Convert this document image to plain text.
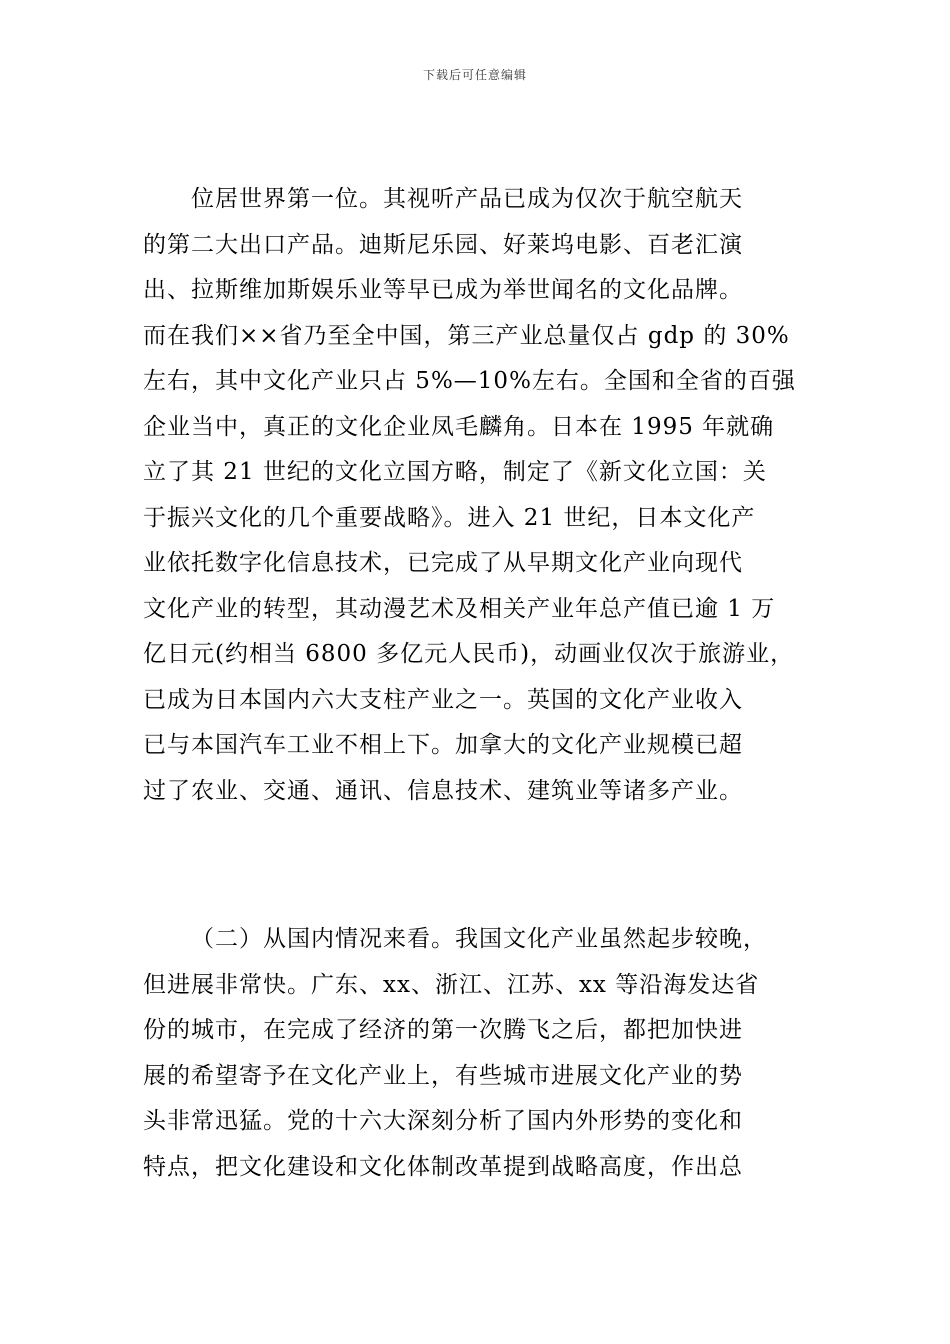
下载后可任意编辑
位居世界第一位。其视听产品已成为仅次于航空航天
的第二大出口产品。迪斯尼乐园、好莱坞电影、百老汇演
出、拉斯维加斯娱乐业等早已成为举世闻名的文化品牌。
而在我们××省乃至全中国，第三产业总量仅占 gdp 的 30%
左右，其中文化产业只占 5%—10%左右。全国和全省的百强
企业当中，真正的文化企业凤毛麟角。日本在 1995 年就确
立了其 21 世纪的文化立国方略，制定了《新文化立国：关
于振兴文化的几个重要战略》。进入 21 世纪，日本文化产
业依托数字化信息技术，已完成了从早期文化产业向现代
文化产业的转型，其动漫艺术及相关产业年总产值已逾 1 万
亿日元(约相当 6800 多亿元人民币)，动画业仅次于旅游业，
已成为日本国内六大支柱产业之一。英国的文化产业收入
已与本国汽车工业不相上下。加拿大的文化产业规模已超
过了农业、交通、通讯、信息技术、建筑业等诸多产业。
（二）从国内情况来看。我国文化产业虽然起步较晚，
但进展非常快。广东、xx、浙江、江苏、xx 等沿海发达省
份的城市，在完成了经济的第一次腾飞之后，都把加快进
展的希望寄予在文化产业上，有些城市进展文化产业的势
头非常迅猛。党的十六大深刻分析了国内外形势的变化和
特点，把文化建设和文化体制改革提到战略高度，作出总
